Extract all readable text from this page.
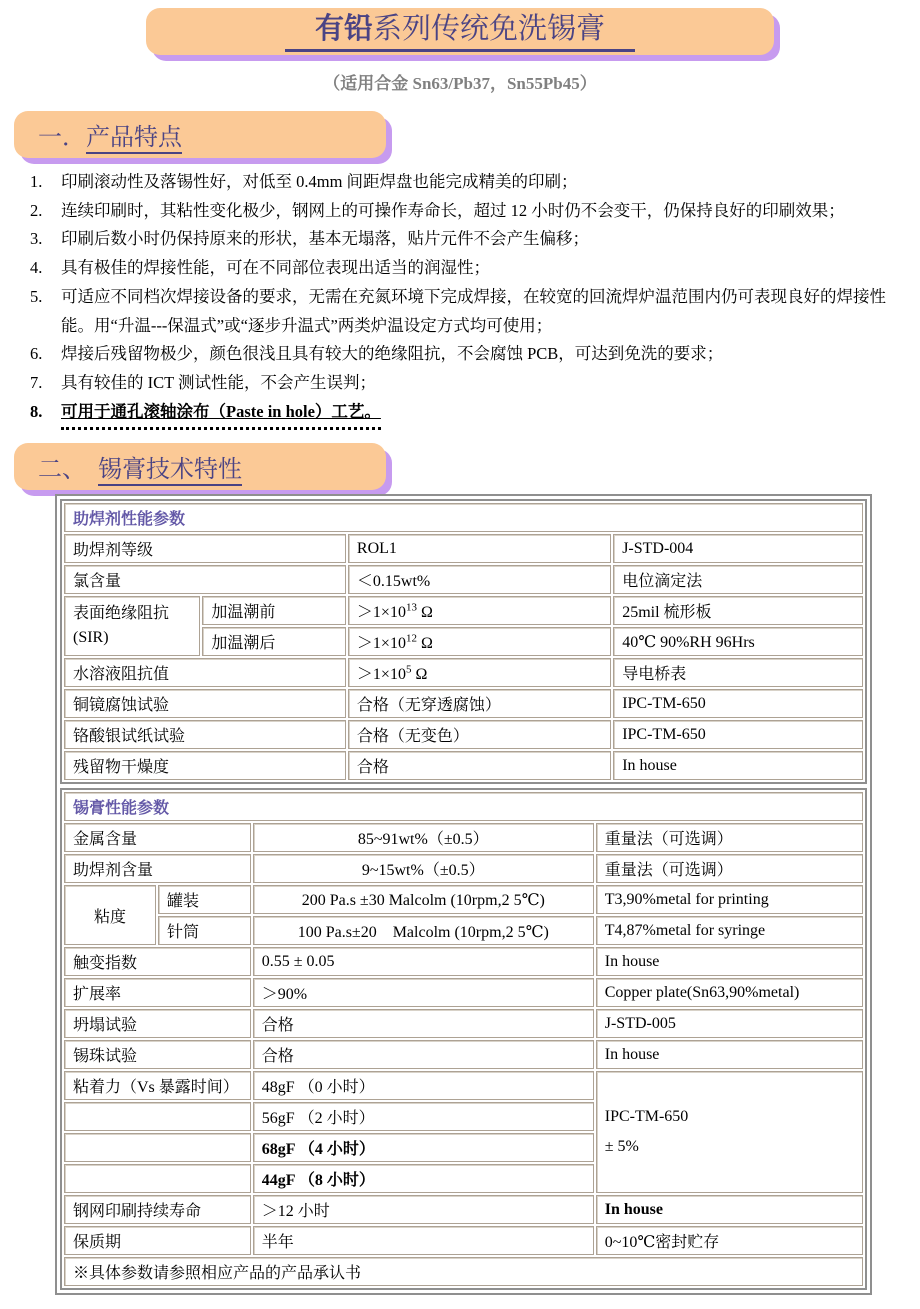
有铅系列传统免洗锡膏
（适用合金 Sn63/Pb37，Sn55Pb45）
一．产品特点
1.	印刷滚动性及落锡性好，对低至 0.4mm 间距焊盘也能完成精美的印刷；
2.	连续印刷时，其粘性变化极少，钢网上的可操作寿命长，超过 12 小时仍不会变干，仍保持良好的印刷效果；
3.	印刷后数小时仍保持原来的形状，基本无塌落，贴片元件不会产生偏移；
4.	具有极佳的焊接性能，可在不同部位表现出适当的润湿性；
5.	可适应不同档次焊接设备的要求，无需在充氮环境下完成焊接，在较宽的回流焊炉温范围内仍可表现良好的焊接性能。用“升温---保温式”或“逐步升温式”两类炉温设定方式均可使用；
6.	焊接后残留物极少，颜色很浅且具有较大的绝缘阻抗，不会腐蚀 PCB，可达到免洗的要求；
7.	具有较佳的 ICT 测试性能，不会产生误判；
8.	可用于通孔滚轴涂布（Paste in hole）工艺。
二、  锡膏技术特性
助焊剂性能参数			
助焊剂等级		ROL1	J-STD-004
氯含量		＜0.15wt%	电位滴定法

表面绝缘阻抗
(SIR)	加温潮前	$>1\times 10^{13}$ Ω	25mil 梳形板
	加温潮后	$>1\times 10^{12}$ Ω	40℃ 90%RH 96Hrs
水溶液阻抗值		$>1\times 10^5$ Ω	导电桥表
铜镜腐蚀试验		合格（无穿透腐蚀）	IPC-TM-650
铬酸银试纸试验		合格（无变色）	IPC-TM-650
残留物干燥度		合格	In house
锡膏性能参数			
金属含量		85~91wt%（±0.5）	重量法（可选调）
助焊剂含量		9~15wt%（±0.5）	重量法（可选调）
粘度	罐装	200 Pa.s ±30 Malcolm (10rpm,2 5℃)	T3,90%metal for printing
	针筒	100 Pa.s±20　Malcolm (10rpm,2 5℃)	T4,87%metal for syringe
触变指数		0.55 ± 0.05	In house
扩展率		＞90%	Copper plate(Sn63,90%metal)
坍塌试验		合格	J-STD-005
锡珠试验		合格	In house
粘着力（Vs 暴露时间）		48gF （0 小时）	IPC-TM-650
± 5%

		56gF （2 小时）	
		68gF （4 小时）	
		44gF （8 小时）	
钢网印刷持续寿命		＞12 小时	In house
保质期		半年	0~10℃密封贮存
※具体参数请参照相应产品的产品承认书			
